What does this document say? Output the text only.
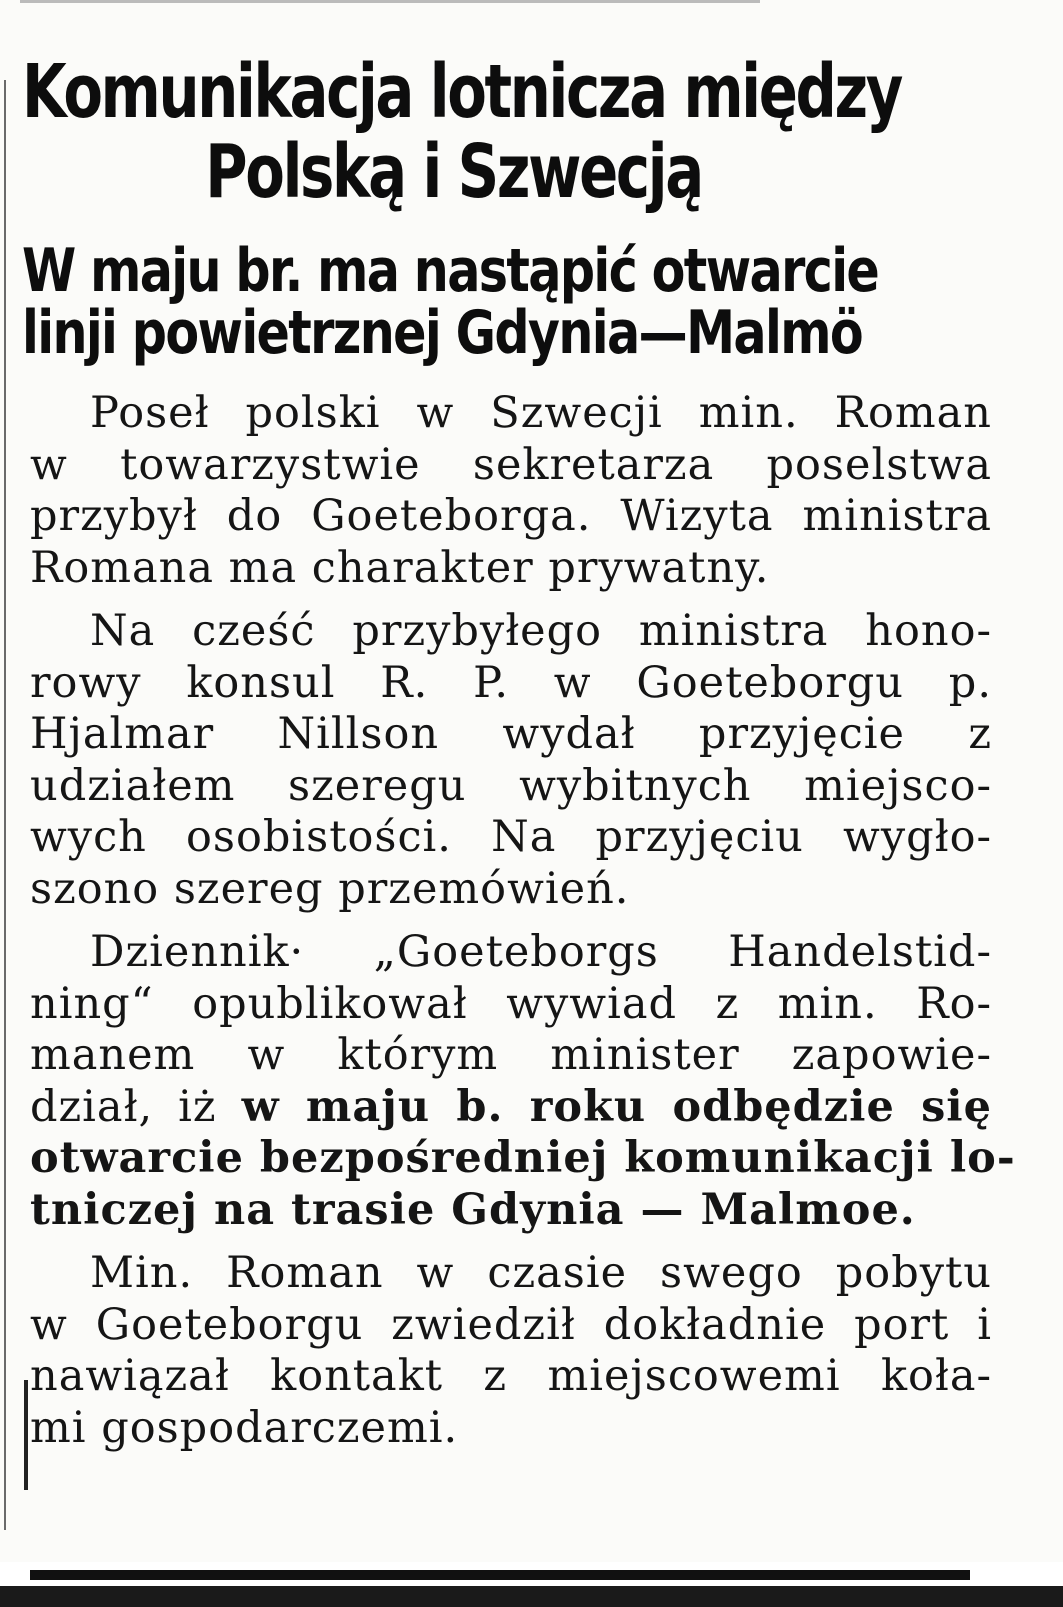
Komunikacja lotnicza między
Polską i Szwecją
W maju br. ma nastąpić otwarcie
linji powietrznej Gdynia—Malmö
Poseł polski w Szwecji min. Roman
w towarzystwie sekretarza poselstwa
przybył do Goeteborga. Wizyta ministra
Romana ma charakter prywatny.
Na cześć przybyłego ministra hono-
rowy konsul R. P. w Goeteborgu p.
Hjalmar Nillson wydał przyjęcie z
udziałem szeregu wybitnych miejsco-
wych osobistości. Na przyjęciu wygło-
szono szereg przemówień.
Dziennik· „Goeteborgs Handelstid-
ning“ opublikował wywiad z min. Ro-
manem w którym minister zapowie-
dział, iż w maju b. roku odbędzie się
otwarcie bezpośredniej komunikacji lo-
tniczej na trasie Gdynia — Malmoe.
Min. Roman w czasie swego pobytu
w Goeteborgu zwiedził dokładnie port i
nawiązał kontakt z miejscowemi koła-
mi gospodarczemi.
